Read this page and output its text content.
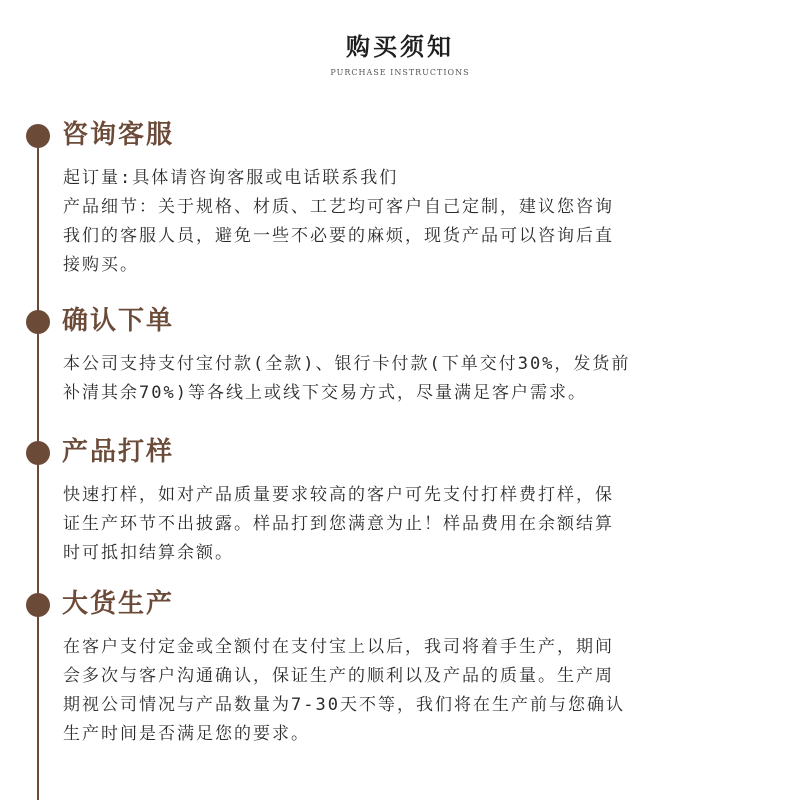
购买须知
PURCHASE INSTRUCTIONS
咨询客服
起订量:具体请咨询客服或电话联系我们
产品细节：关于规格、材质、工艺均可客户自己定制，建议您咨询
我们的客服人员，避免一些不必要的麻烦，现货产品可以咨询后直
接购买。
确认下单
本公司支持支付宝付款(全款)、银行卡付款(下单交付30%，发货前
补清其余70%)等各线上或线下交易方式，尽量满足客户需求。
产品打样
快速打样，如对产品质量要求较高的客户可先支付打样费打样，保
证生产环节不出披露。样品打到您满意为止！样品费用在余额结算
时可抵扣结算余额。
大货生产
在客户支付定金或全额付在支付宝上以后，我司将着手生产，期间
会多次与客户沟通确认，保证生产的顺利以及产品的质量。生产周
期视公司情况与产品数量为7-30天不等，我们将在生产前与您确认
生产时间是否满足您的要求。
